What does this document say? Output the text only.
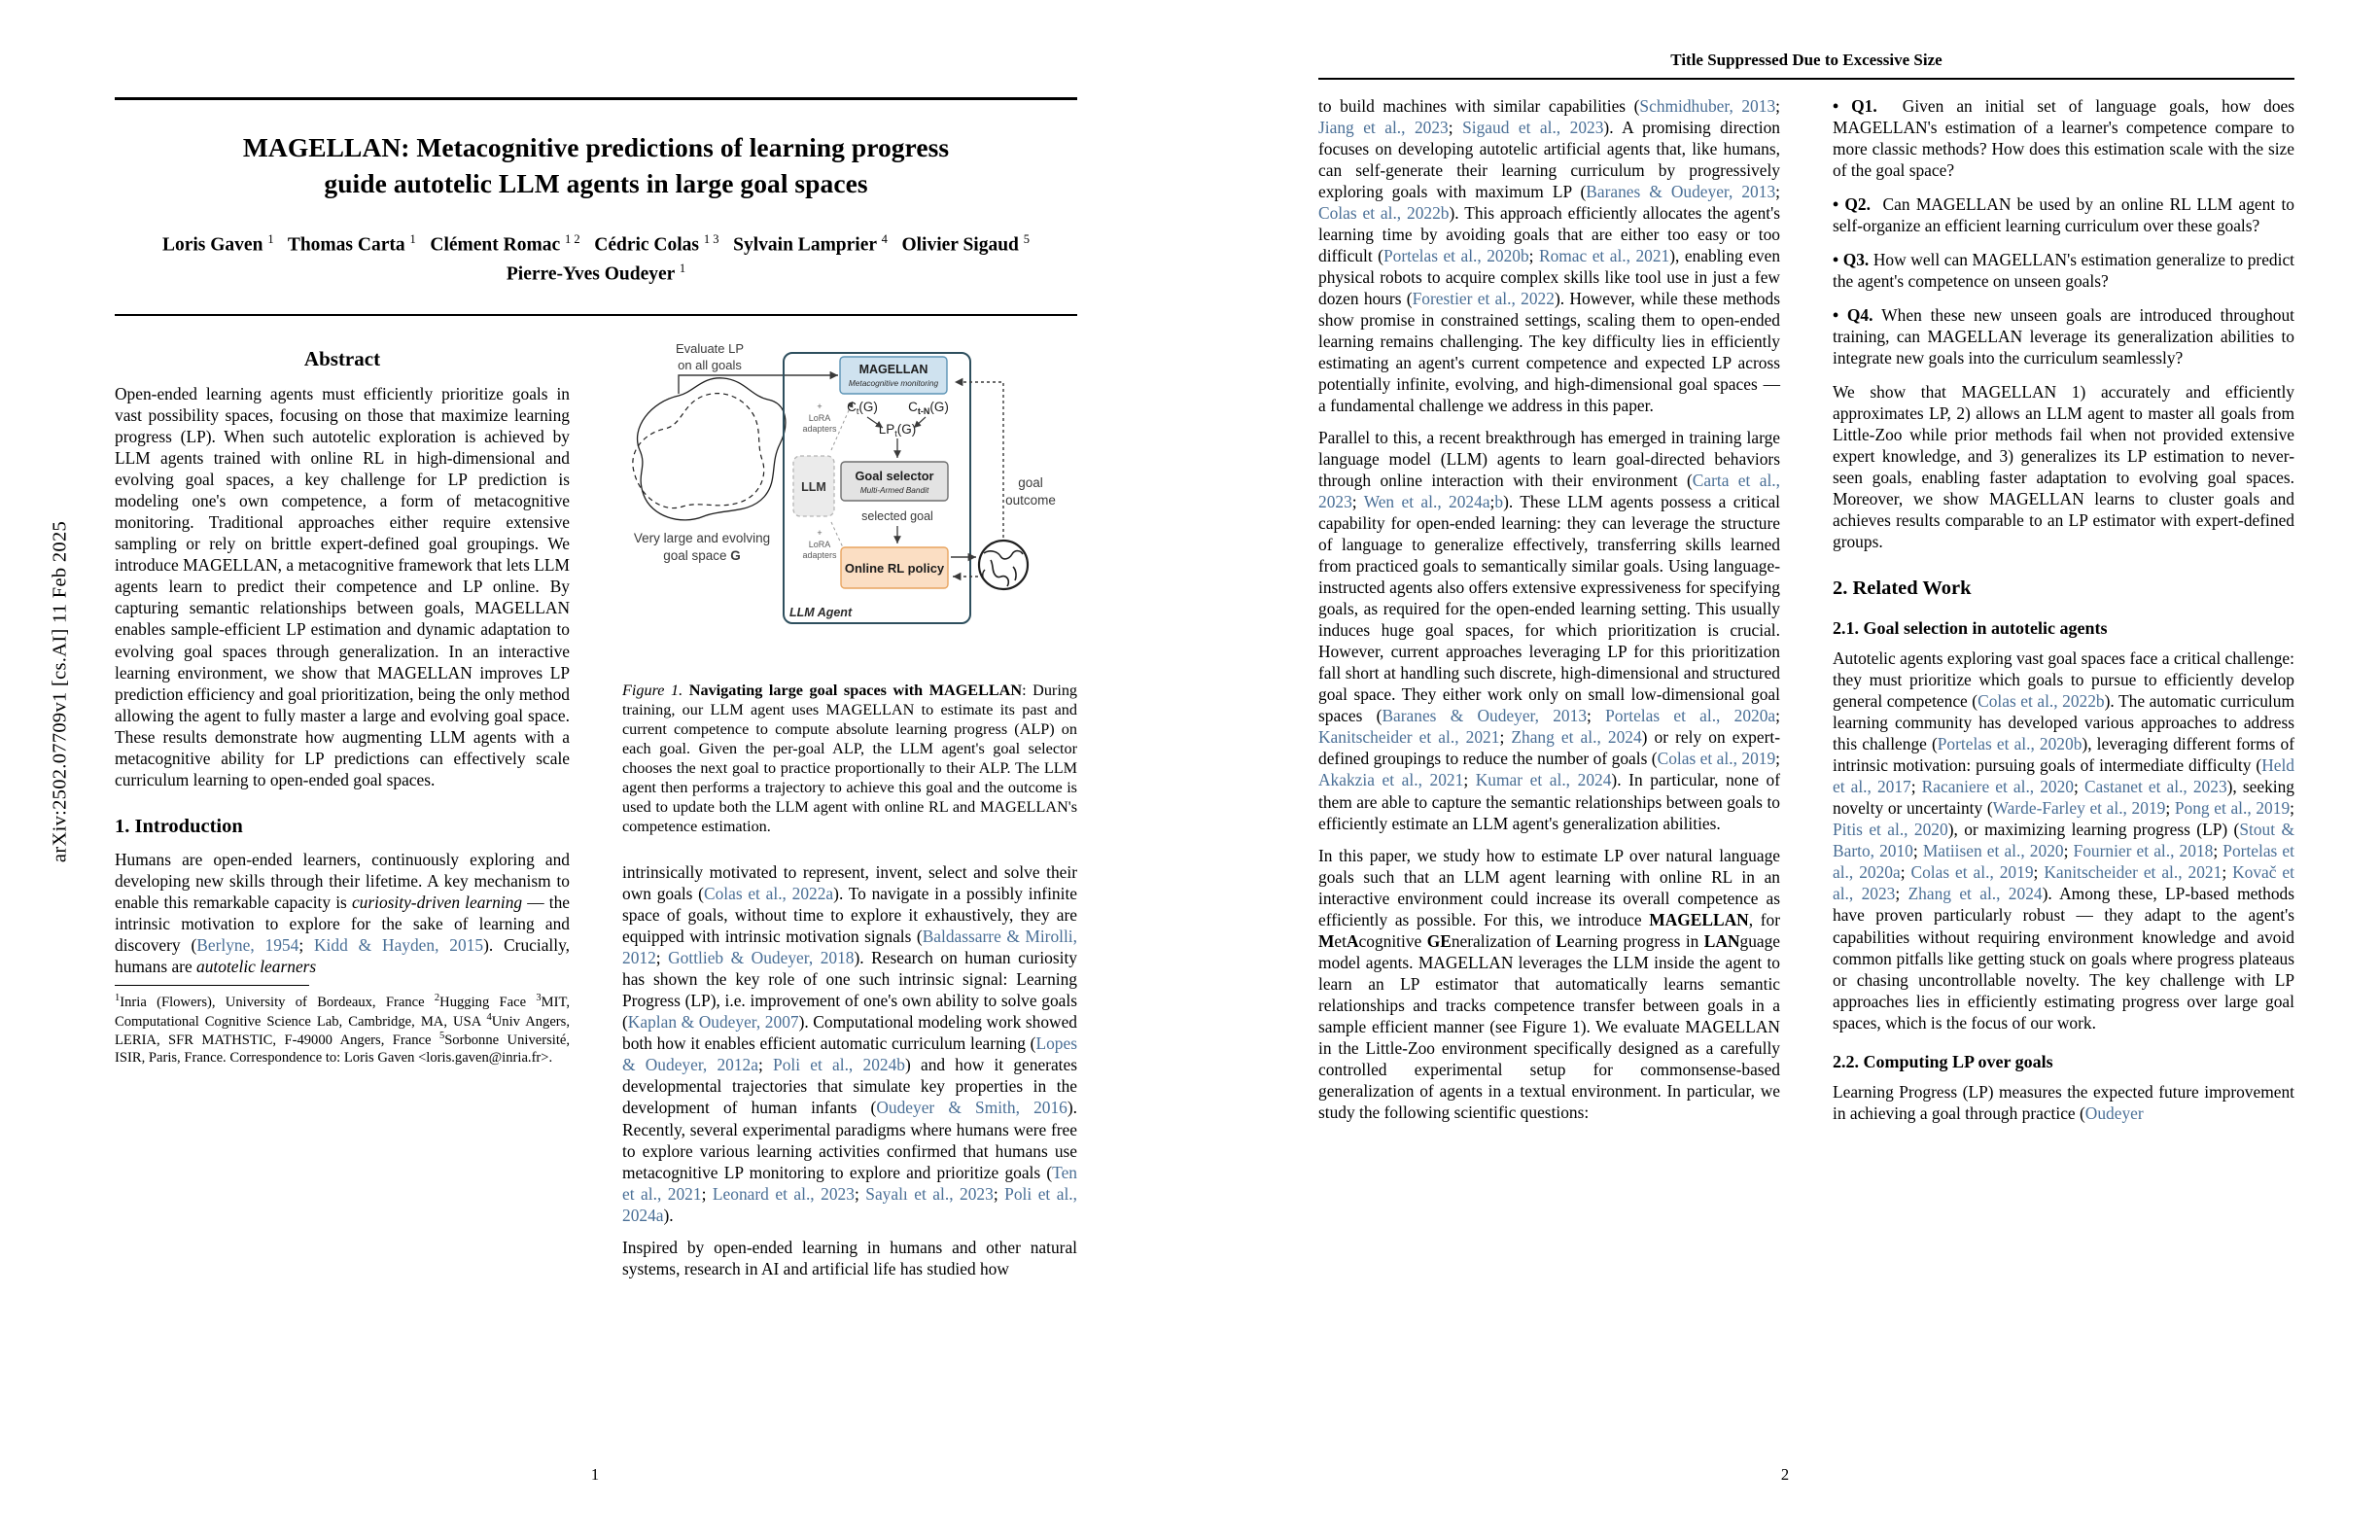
arXiv:2502.07709v1 [cs.AI] 11 Feb 2025
MAGELLAN: Metacognitive predictions of learning progress
guide autotelic LLM agents in large goal spaces
Loris Gaven $^1$   Thomas Carta $^1$   Clément Romac $^{1 2}$   Cédric Colas $^{1 3}$   Sylvain Lamprier $^4$   Olivier Sigaud $^5$
Pierre-Yves Oudeyer $^1$
Abstract

Open-ended learning agents must efficiently prioritize goals in vast possibility spaces, focusing on those that maximize learning progress (LP). When such autotelic exploration is achieved by LLM agents trained with online RL in high-dimensional and evolving goal spaces, a key challenge for LP prediction is modeling one's own competence, a form of metacognitive monitoring. Traditional approaches either require extensive sampling or rely on brittle expert-defined goal groupings. We introduce MAGELLAN, a metacognitive framework that lets LLM agents learn to predict their competence and LP online. By capturing semantic relationships between goals, MAGELLAN enables sample-efficient LP estimation and dynamic adaptation to evolving goal spaces through generalization. In an interactive learning environment, we show that MAGELLAN improves LP prediction efficiency and goal prioritization, being the only method allowing the agent to fully master a large and evolving goal space. These results demonstrate how augmenting LLM agents with a metacognitive ability for LP predictions can effectively scale curriculum learning to open-ended goal spaces.

1. Introduction

Humans are open-ended learners, continuously exploring and developing new skills through their lifetime. A key mechanism to enable this remarkable capacity is curiosity-driven learning — the intrinsic motivation to explore for the sake of learning and discovery (Berlyne, 1954; Kidd & Hayden, 2015). Crucially, humans are autotelic learners

$^1$Inria (Flowers), University of Bordeaux, France $^2$Hugging Face $^3$MIT, Computational Cognitive Science Lab, Cambridge, MA, USA $^4$Univ Angers, LERIA, SFR MATHSTIC, F-49000 Angers, France $^5$Sorbonne Université, ISIR, Paris, France. Correspondence to: Loris Gaven <loris.gaven@inria.fr>.

Evaluate LP
on all goals
Very large and evolving
goal space G
LLM Agent
MAGELLAN
Metacognitive monitoring
LLM
+
LoRA
adapters
+
LoRA
adapters
$C_t(G)$ $C_{t-N}(G)$
$LP_t(G)$
Goal selector
Multi-Armed Bandit
selected goal
Online RL policy
goal
outcome

Figure 1. Navigating large goal spaces with MAGELLAN: During training, our LLM agent uses MAGELLAN to estimate its past and current competence to compute absolute learning progress (ALP) on each goal. Given the per-goal ALP, the LLM agent's goal selector chooses the next goal to practice proportionally to their ALP. The LLM agent then performs a trajectory to achieve this goal and the outcome is used to update both the LLM agent with online RL and MAGELLAN's competence estimation.

intrinsically motivated to represent, invent, select and solve their own goals (Colas et al., 2022a). To navigate in a possibly infinite space of goals, without time to explore it exhaustively, they are equipped with intrinsic motivation signals (Baldassarre & Mirolli, 2012; Gottlieb & Oudeyer, 2018). Research on human curiosity has shown the key role of one such intrinsic signal: Learning Progress (LP), i.e. improvement of one's own ability to solve goals (Kaplan & Oudeyer, 2007). Computational modeling work showed both how it enables efficient automatic curriculum learning (Lopes & Oudeyer, 2012a; Poli et al., 2024b) and how it generates developmental trajectories that simulate key properties in the development of human infants (Oudeyer & Smith, 2016). Recently, several experimental paradigms where humans were free to explore various learning activities confirmed that humans use metacognitive LP monitoring to explore and prioritize goals (Ten et al., 2021; Leonard et al., 2023; Sayalı et al., 2023; Poli et al., 2024a).

Inspired by open-ended learning in humans and other natural systems, research in AI and artificial life has studied how

1
Title Suppressed Due to Excessive Size

to build machines with similar capabilities (Schmidhuber, 2013; Jiang et al., 2023; Sigaud et al., 2023). A promising direction focuses on developing autotelic artificial agents that, like humans, can self-generate their learning curriculum by progressively exploring goals with maximum LP (Baranes & Oudeyer, 2013; Colas et al., 2022b). This approach efficiently allocates the agent's learning time by avoiding goals that are either too easy or too difficult (Portelas et al., 2020b; Romac et al., 2021), enabling even physical robots to acquire complex skills like tool use in just a few dozen hours (Forestier et al., 2022). However, while these methods show promise in constrained settings, scaling them to open-ended learning remains challenging. The key difficulty lies in efficiently estimating an agent's current competence and expected LP across potentially infinite, evolving, and high-dimensional goal spaces — a fundamental challenge we address in this paper.

Parallel to this, a recent breakthrough has emerged in training large language model (LLM) agents to learn goal-directed behaviors through online interaction with their environment (Carta et al., 2023; Wen et al., 2024a;b). These LLM agents possess a critical capability for open-ended learning: they can leverage the structure of language to generalize effectively, transferring skills learned from practiced goals to semantically similar goals. Using language-instructed agents also offers extensive expressiveness for specifying goals, as required for the open-ended learning setting. This usually induces huge goal spaces, for which prioritization is crucial. However, current approaches leveraging LP for this prioritization fall short at handling such discrete, high-dimensional and structured goal space. They either work only on small low-dimensional goal spaces (Baranes & Oudeyer, 2013; Portelas et al., 2020a; Kanitscheider et al., 2021; Zhang et al., 2024) or rely on expert-defined groupings to reduce the number of goals (Colas et al., 2019; Akakzia et al., 2021; Kumar et al., 2024). In particular, none of them are able to capture the semantic relationships between goals to efficiently estimate an LLM agent's generalization abilities.

In this paper, we study how to estimate LP over natural language goals such that an LLM agent learning with online RL in an interactive environment could increase its overall competence as efficiently as possible. For this, we introduce MAGELLAN, for MetAcognitive GEneralization of Learning progress in LANguage model agents. MAGELLAN leverages the LLM inside the agent to learn an LP estimator that automatically learns semantic relationships and tracks competence transfer between goals in a sample efficient manner (see Figure 1). We evaluate MAGELLAN in the Little-Zoo environment specifically designed as a carefully controlled experimental setup for commonsense-based generalization of agents in a textual environment. In particular, we study the following scientific questions:

• Q1. Given an initial set of language goals, how does MAGELLAN's estimation of a learner's competence compare to more classic methods? How does this estimation scale with the size of the goal space?

• Q2. Can MAGELLAN be used by an online RL LLM agent to self-organize an efficient learning curriculum over these goals?

• Q3. How well can MAGELLAN's estimation generalize to predict the agent's competence on unseen goals?

• Q4. When these new unseen goals are introduced throughout training, can MAGELLAN leverage its generalization abilities to integrate new goals into the curriculum seamlessly?

We show that MAGELLAN 1) accurately and efficiently approximates LP, 2) allows an LLM agent to master all goals from Little-Zoo while prior methods fail when not provided extensive expert knowledge, and 3) generalizes its LP estimation to never-seen goals, enabling faster adaptation to evolving goal spaces. Moreover, we show MAGELLAN learns to cluster goals and achieves results comparable to an LP estimator with expert-defined groups.

2. Related Work
2.1. Goal selection in autotelic agents

Autotelic agents exploring vast goal spaces face a critical challenge: they must prioritize which goals to pursue to efficiently develop general competence (Colas et al., 2022b). The automatic curriculum learning community has developed various approaches to address this challenge (Portelas et al., 2020b), leveraging different forms of intrinsic motivation: pursuing goals of intermediate difficulty (Held et al., 2017; Racaniere et al., 2020; Castanet et al., 2023), seeking novelty or uncertainty (Warde-Farley et al., 2019; Pong et al., 2019; Pitis et al., 2020), or maximizing learning progress (LP) (Stout & Barto, 2010; Matiisen et al., 2020; Fournier et al., 2018; Portelas et al., 2020a; Colas et al., 2019; Kanitscheider et al., 2021; Kovač et al., 2023; Zhang et al., 2024). Among these, LP-based methods have proven particularly robust — they adapt to the agent's capabilities without requiring environment knowledge and avoid common pitfalls like getting stuck on goals where progress plateaus or chasing uncontrollable novelty. The key challenge with LP approaches lies in efficiently estimating progress over large goal spaces, which is the focus of our work.

2.2. Computing LP over goals

Learning Progress (LP) measures the expected future improvement in achieving a goal through practice (Oudeyer

2
